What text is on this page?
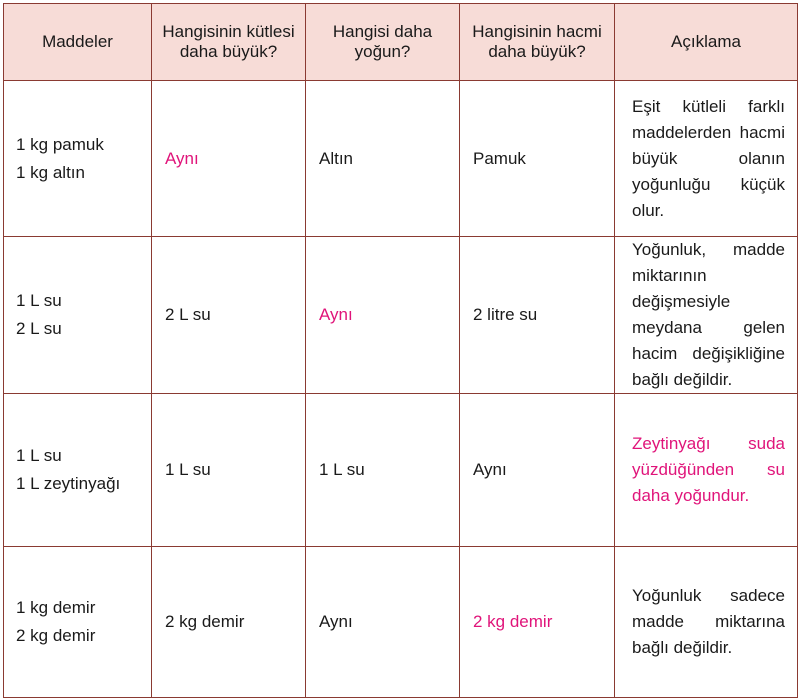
Maddeler	Hangisinin kütlesi daha büyük?	Hangisi daha yoğun?	Hangisinin hacmi daha büyük?	Açıklama

1 kg pamuk
1 kg altın	Aynı	Altın	Pamuk	Eşit kütleli farklı maddelerden hacmi büyük olanın yoğunluğu küçük olur.

1 L su
2 L su	2 L su	Aynı	2 litre su	Yoğunluk, madde miktarının değişmesiyle meydana gelen hacim değişikliğine bağlı değildir.

1 L su
1 L zeytinyağı	1 L su	1 L su	Aynı	Zeytinyağı suda yüzdüğünden su daha yoğundur.

1 kg demir
2 kg demir	2 kg demir	Aynı	2 kg demir	Yoğunluk sadece madde miktarına bağlı değildir.
